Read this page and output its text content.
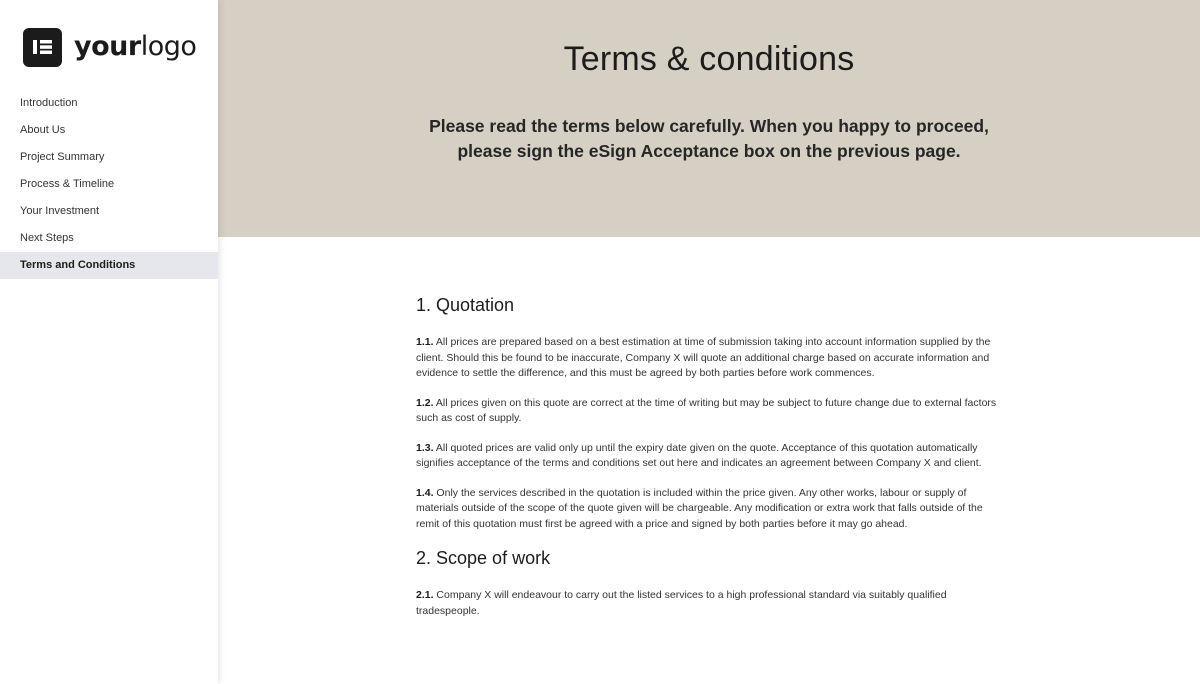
yourlogo
Introduction
About Us
Project Summary
Process & Timeline
Your Investment
Next Steps
Terms and Conditions
Terms & conditions

Please read the terms below carefully. When you happy to proceed,
please sign the eSign Acceptance box on the previous page.

1. Quotation

1.1. All prices are prepared based on a best estimation at time of submission taking into account information supplied by the client. Should this be found to be inaccurate, Company X will quote an additional charge based on accurate information and evidence to settle the difference, and this must be agreed by both parties before work commences.

1.2. All prices given on this quote are correct at the time of writing but may be subject to future change due to external factors such as cost of supply.

1.3. All quoted prices are valid only up until the expiry date given on the quote. Acceptance of this quotation automatically signifies acceptance of the terms and conditions set out here and indicates an agreement between Company X and client.

1.4. Only the services described in the quotation is included within the price given. Any other works, labour or supply of materials outside of the scope of the quote given will be chargeable. Any modification or extra work that falls outside of the remit of this quotation must first be agreed with a price and signed by both parties before it may go ahead.

2. Scope of work

2.1. Company X will endeavour to carry out the listed services to a high professional standard via suitably qualified tradespeople.
